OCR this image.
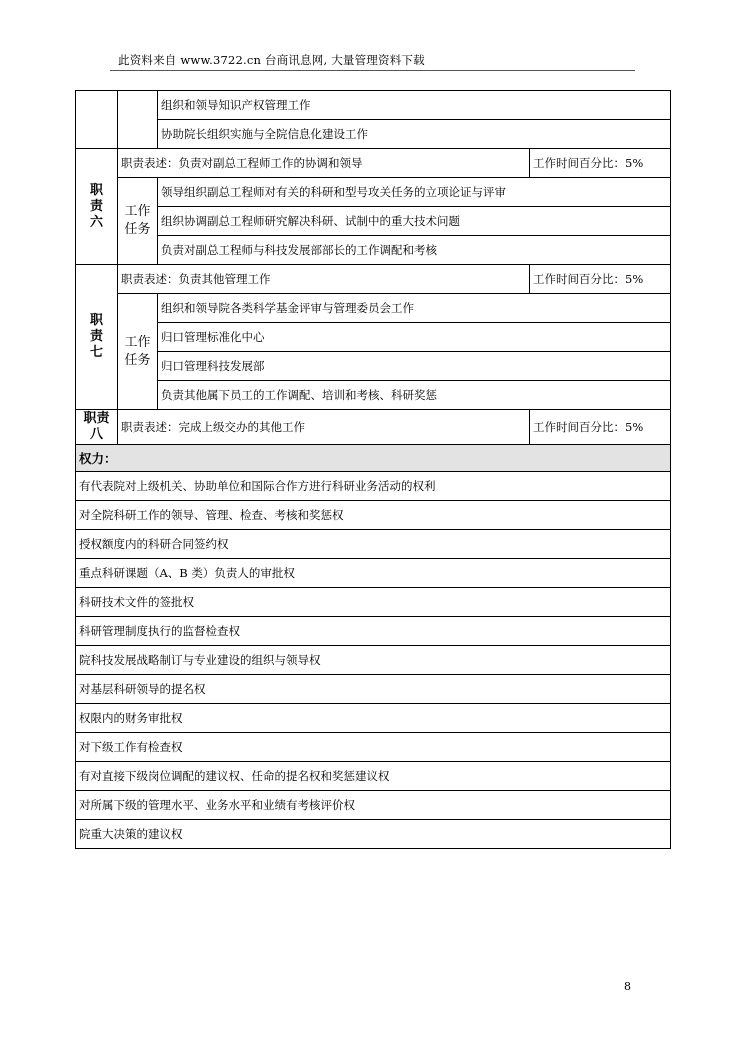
此资料来自 www.3722.cn 台商讯息网, 大量管理资料下载
		组织和领导知识产权管理工作	
		协助院长组织实施与全院信息化建设工作	
职
责
六	职责表述：负责对副总工程师工作的协调和领导		工作时间百分比：5%
	工作
任务	领导组织副总工程师对有关的科研和型号攻关任务的立项论证与评审	
		组织协调副总工程师研究解决科研、试制中的重大技术问题	
		负责对副总工程师与科技发展部部长的工作调配和考核	
职
责
七	职责表述：负责其他管理工作		工作时间百分比：5%
	工作
任务	组织和领导院各类科学基金评审与管理委员会工作	
		归口管理标准化中心	
		归口管理科技发展部	
		负责其他属下员工的工作调配、培训和考核、科研奖惩	
职责
八	职责表述：完成上级交办的其他工作		工作时间百分比：5%
权力：			
有代表院对上级机关、协助单位和国际合作方进行科研业务活动的权利			
对全院科研工作的领导、管理、检查、考核和奖惩权			
授权额度内的科研合同签约权			
重点科研课题（A、B 类）负责人的审批权			
科研技术文件的签批权			
科研管理制度执行的监督检查权			
院科技发展战略制订与专业建设的组织与领导权			
对基层科研领导的提名权			
权限内的财务审批权			
对下级工作有检查权			
有对直接下级岗位调配的建议权、任命的提名权和奖惩建议权			
对所属下级的管理水平、业务水平和业绩有考核评价权			
院重大决策的建议权			
8
